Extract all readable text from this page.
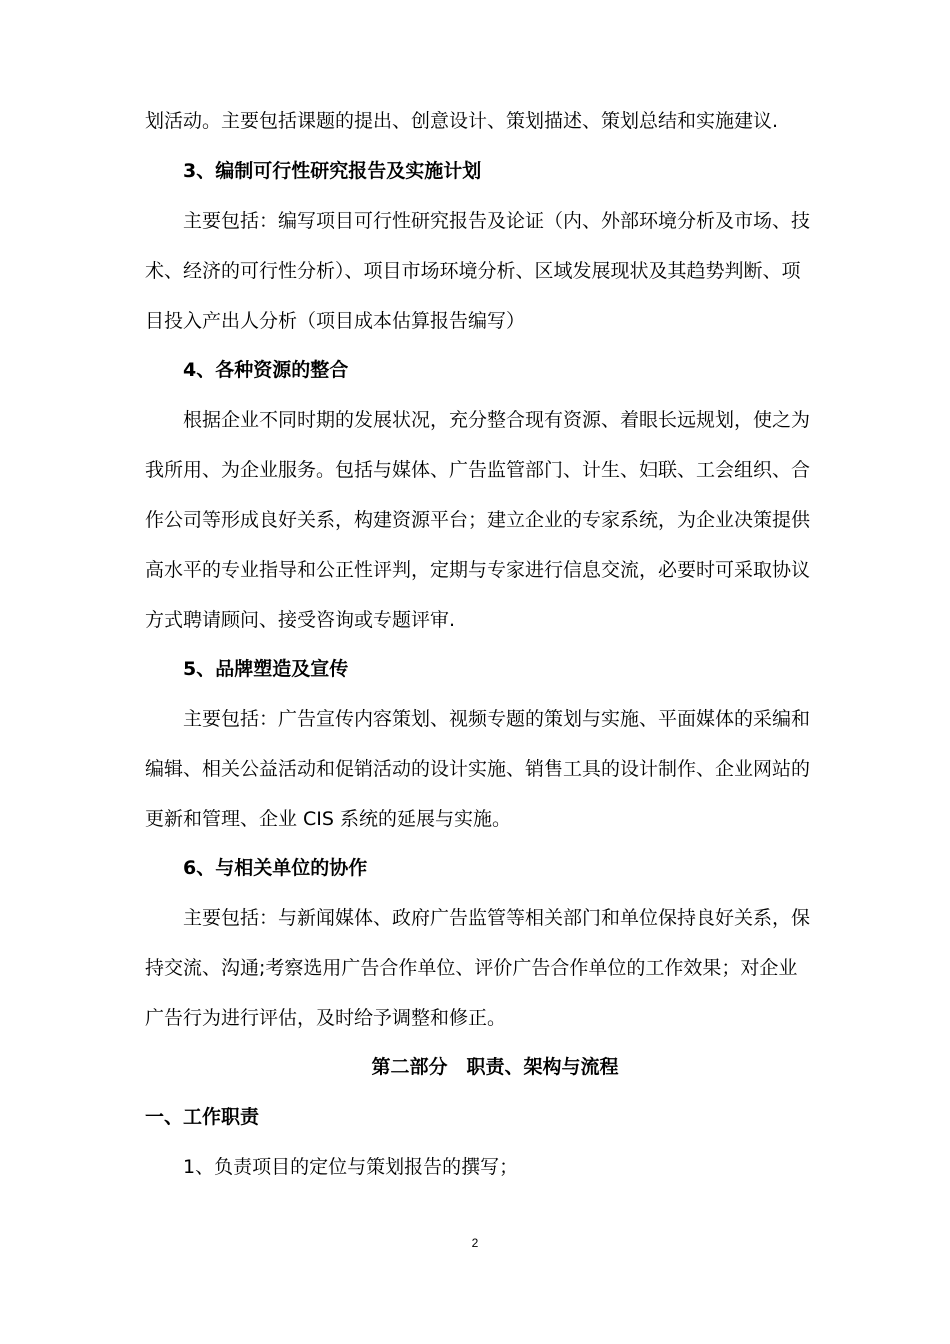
划活动。主要包括课题的提出、创意设计、策划描述、策划总结和实施建议.
3、编制可行性研究报告及实施计划
主要包括：编写项目可行性研究报告及论证（内、外部环境分析及市场、技
术、经济的可行性分析）、项目市场环境分析、区域发展现状及其趋势判断、项
目投入产出人分析（项目成本估算报告编写）
4、各种资源的整合
根据企业不同时期的发展状况，充分整合现有资源、着眼长远规划，使之为
我所用、为企业服务。包括与媒体、广告监管部门、计生、妇联、工会组织、合
作公司等形成良好关系，构建资源平台；建立企业的专家系统，为企业决策提供
高水平的专业指导和公正性评判，定期与专家进行信息交流，必要时可采取协议
方式聘请顾问、接受咨询或专题评审.
5、品牌塑造及宣传
主要包括：广告宣传内容策划、视频专题的策划与实施、平面媒体的采编和
编辑、相关公益活动和促销活动的设计实施、销售工具的设计制作、企业网站的
更新和管理、企业 CIS 系统的延展与实施。
6、与相关单位的协作
主要包括：与新闻媒体、政府广告监管等相关部门和单位保持良好关系，保
持交流、沟通;考察选用广告合作单位、评价广告合作单位的工作效果；对企业
广告行为进行评估，及时给予调整和修正。
第二部分　职责、架构与流程
一、工作职责
1、负责项目的定位与策划报告的撰写；
2
